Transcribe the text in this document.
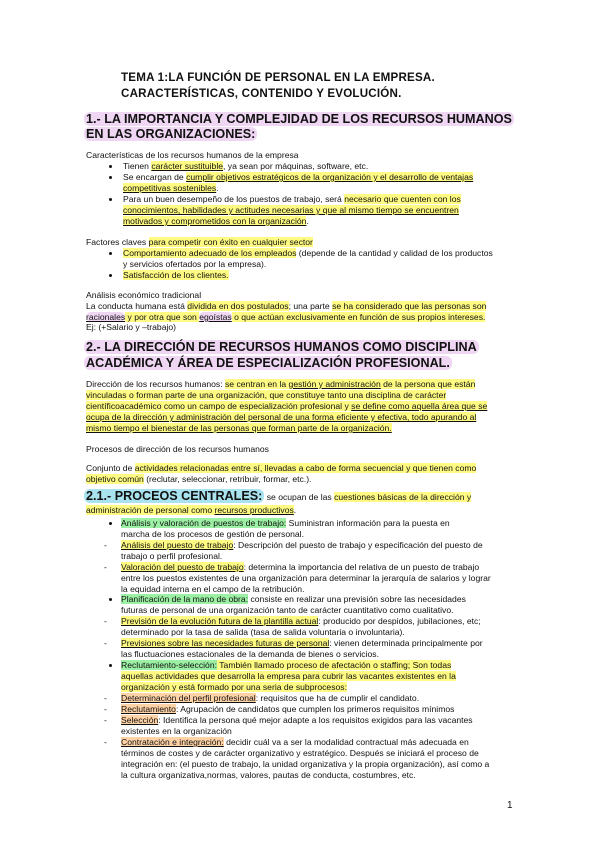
TEMA 1:LA FUNCIÓN DE PERSONAL EN LA EMPRESA.
CARACTERÍSTICAS, CONTENIDO Y EVOLUCIÓN.
1.- LA IMPORTANCIA Y COMPLEJIDAD DE LOS RECURSOS HUMANOS
EN LAS ORGANIZACIONES:
Características de los recursos humanos de la empresa
Tienen carácter sustituible, ya sean por máquinas, software, etc.
Se encargan de cumplir objetivos estratégicos de la organización y el desarrollo de ventajas
competitivas sostenibles.
Para un buen desempeño de los puestos de trabajo, será necesario que cuenten con los
conocimientos, habilidades y actitudes necesarias y que al mismo tiempo se encuentren
motivados y comprometidos con la organización.
Factores claves para competir con éxito en cualquier sector
Comportamiento adecuado de los empleados (depende de la cantidad y calidad de los productos
y servicios ofertados por la empresa).
Satisfacción de los clientes.
Análisis económico tradicional
La conducta humana está dividida en dos postulados; una parte se ha considerado que las personas son
racionales y por otra que son egoístas o que actúan exclusivamente en función de sus propios intereses.
Ej: (+Salario y –trabajo)
2.- LA DIRECCIÓN DE RECURSOS HUMANOS COMO DISCIPLINA
ACADÉMICA Y ÁREA DE ESPECIALIZACIÓN PROFESIONAL.
Dirección de los recursos humanos: se centran en la gestión y administración de la persona que están
vinculadas o forman parte de una organización, que constituye tanto una disciplina de carácter
científicoacadémico como un campo de especialización profesional y se define como aquella área que se
ocupa de la dirección y administración del personal de una forma eficiente y efectiva, todo apurando al
mismo tiempo el bienestar de las personas que forman parte de la organización.
Procesos de dirección de los recursos humanos
Conjunto de actividades relacionadas entre sí, llevadas a cabo de forma secuencial y que tienen como
objetivo común (reclutar, seleccionar, retribuir, formar, etc.).
2.1.- PROCEOS CENTRALES: se ocupan de las cuestiones básicas de la dirección y
administración de personal como recursos productivos.
Análisis y valoración de puestos de trabajo: Suministran información para la puesta en
marcha de los procesos de gestión de personal.
- Análisis del puesto de trabajo: Descripción del puesto de trabajo y especificación del puesto de
trabajo o perfil profesional.
- Valoración del puesto de trabajo: determina la importancia del relativa de un puesto de trabajo
entre los puestos existentes de una organización para determinar la jerarquía de salarios y lograr
la equidad interna en el campo de la retribución.
Planificación de la mano de obra: consiste en realizar una previsión sobre las necesidades
futuras de personal de una organización tanto de carácter cuantitativo como cualitativo.
- Previsión de la evolución futura de la plantilla actual: producido por despidos, jubilaciones, etc;
determinado por la tasa de salida (tasa de salida voluntaria o involuntaria).
- Previsiones sobre las necesidades futuras de personal: vienen determinada principalmente por
las fluctuaciones estacionales de la demanda de bienes o servicios.
Reclutamiento-selección: También llamado proceso de afectación o staffing; Son todas
aquellas actividades que desarrolla la empresa para cubrir las vacantes existentes en la
organización y está formado por una seria de subprocesos:
- Determinación del perfil profesional: requisitos que ha de cumplir el candidato.
- Reclutamiento: Agrupación de candidatos que cumplen los primeros requisitos mínimos
- Selección: Identifica la persona qué mejor adapte a los requisitos exigidos para las vacantes
existentes en la organización
- Contratación e integración: decidir cuál va a ser la modalidad contractual más adecuada en
términos de costes y de carácter organizativo y estratégico. Después se iniciará el proceso de
integración en: (el puesto de trabajo, la unidad organizativa y la propia organización), así como a
la cultura organizativa,normas, valores, pautas de conducta, costumbres, etc.
1
